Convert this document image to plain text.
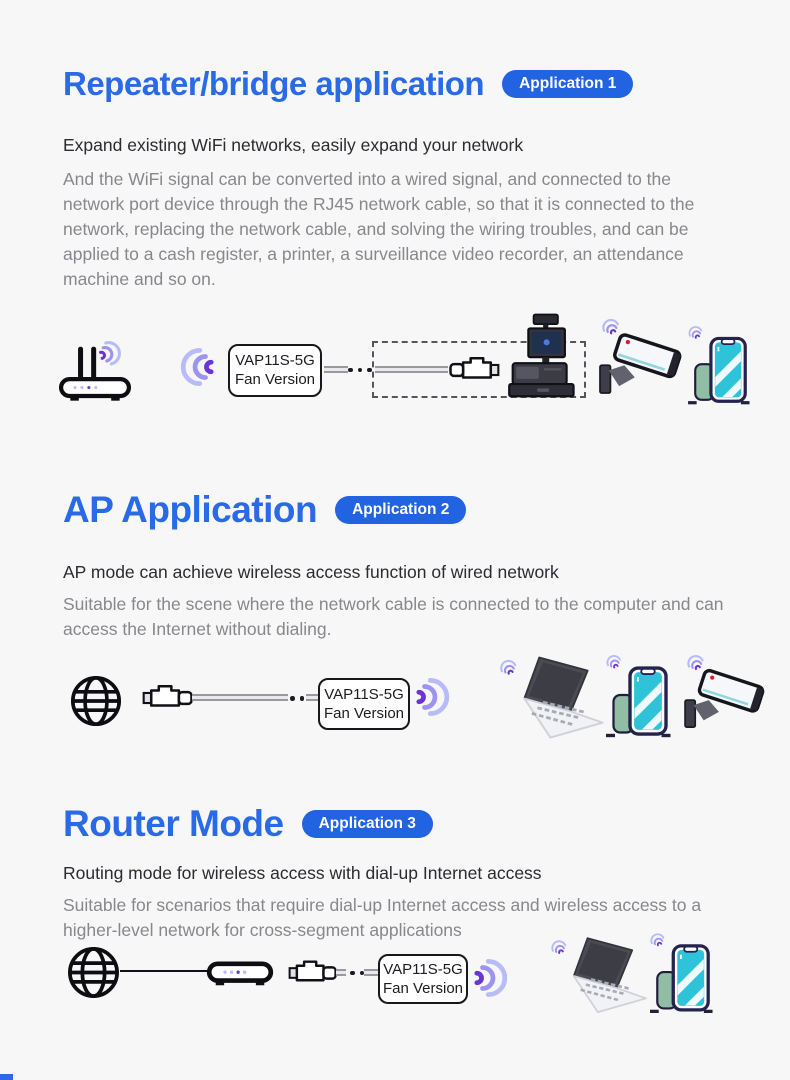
Repeater/bridge application	Application 1

Expand existing WiFi networks, easily expand your network

And the WiFi signal can be converted into a wired signal, and connected to the network port device through the RJ45 network cable, so that it is connected to the network, replacing the network cable, and solving the wiring troubles, and can be applied to a cash register, a printer, a surveillance video recorder, an attendance machine and so on.

VAP11S-5G
Fan Version
AP Application	Application 2

AP mode can achieve wireless access function of wired network

Suitable for the scene where the network cable is connected to the computer and can access the Internet without dialing.

VAP11S-5G
Fan Version
Router Mode	Application 3

Routing mode for wireless access with dial-up Internet access

Suitable for scenarios that require dial-up Internet access and wireless access to a higher-level network for cross-segment applications

VAP11S-5G
Fan Version
